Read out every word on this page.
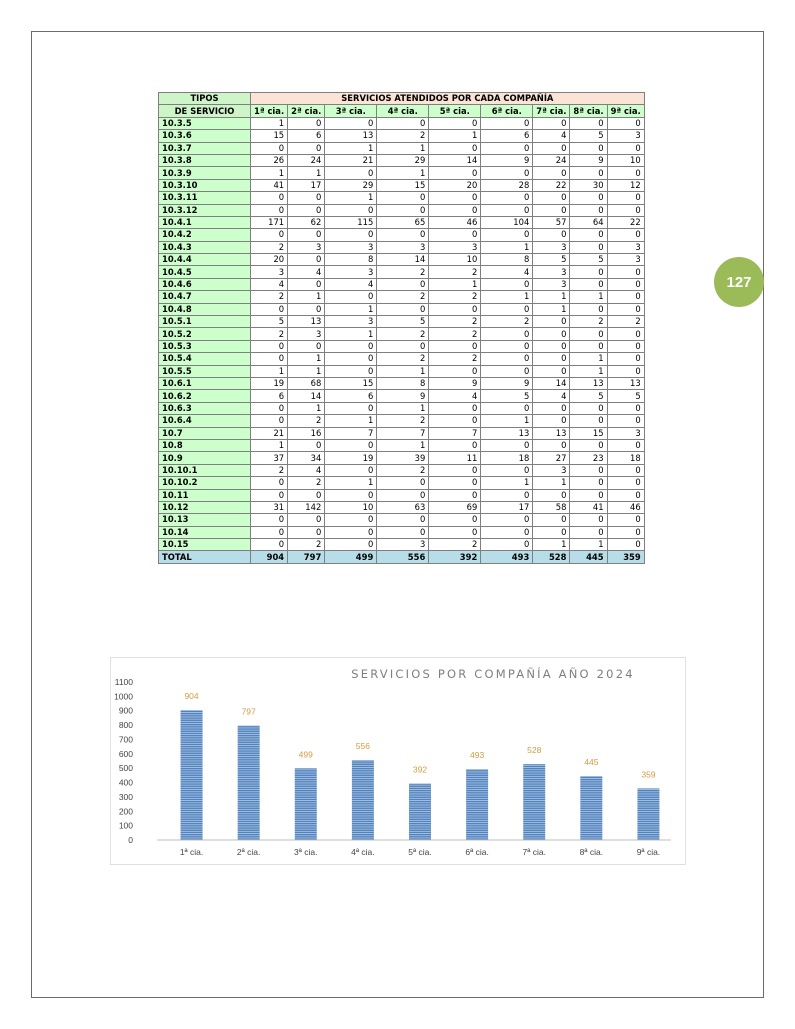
127
TIPOS	SERVICIOS ATENDIDOS POR CADA COMPAÑÍA								
DE SERVICIO	1ª cia.	2ª cia.	3ª cia.	4ª cia.	5ª cia.	6ª cia.	7ª cia.	8ª cia.	9ª cia.
10.3.5	1	0	0	0	0	0	0	0	0
10.3.6	15	6	13	2	1	6	4	5	3
10.3.7	0	0	1	1	0	0	0	0	0
10.3.8	26	24	21	29	14	9	24	9	10
10.3.9	1	1	0	1	0	0	0	0	0
10.3.10	41	17	29	15	20	28	22	30	12
10.3.11	0	0	1	0	0	0	0	0	0
10.3.12	0	0	0	0	0	0	0	0	0
10.4.1	171	62	115	65	46	104	57	64	22
10.4.2	0	0	0	0	0	0	0	0	0
10.4.3	2	3	3	3	3	1	3	0	3
10.4.4	20	0	8	14	10	8	5	5	3
10.4.5	3	4	3	2	2	4	3	0	0
10.4.6	4	0	4	0	1	0	3	0	0
10.4.7	2	1	0	2	2	1	1	1	0
10.4.8	0	0	1	0	0	0	1	0	0
10.5.1	5	13	3	5	2	2	0	2	2
10.5.2	2	3	1	2	2	0	0	0	0
10.5.3	0	0	0	0	0	0	0	0	0
10.5.4	0	1	0	2	2	0	0	1	0
10.5.5	1	1	0	1	0	0	0	1	0
10.6.1	19	68	15	8	9	9	14	13	13
10.6.2	6	14	6	9	4	5	4	5	5
10.6.3	0	1	0	1	0	0	0	0	0
10.6.4	0	2	1	2	0	1	0	0	0
10.7	21	16	7	7	7	13	13	15	3
10.8	1	0	0	1	0	0	0	0	0
10.9	37	34	19	39	11	18	27	23	18
10.10.1	2	4	0	2	0	0	3	0	0
10.10.2	0	2	1	0	0	1	1	0	0
10.11	0	0	0	0	0	0	0	0	0
10.12	31	142	10	63	69	17	58	41	46
10.13	0	0	0	0	0	0	0	0	0
10.14	0	0	0	0	0	0	0	0	0
10.15	0	2	0	3	2	0	1	1	0
TOTAL	904	797	499	556	392	493	528	445	359
SERVICIOS POR COMPAÑÍA AÑO 2024
0
100
200
300
400
500
600
700
800
900
1000
1100
904
797
499
556
392
493
528
445
359
1ª cia.	2ª cia.	3ª cia.	4ª cia.	5ª cia.	6ª cia.	7ª cia.	8ª cia.	9ª cia.
